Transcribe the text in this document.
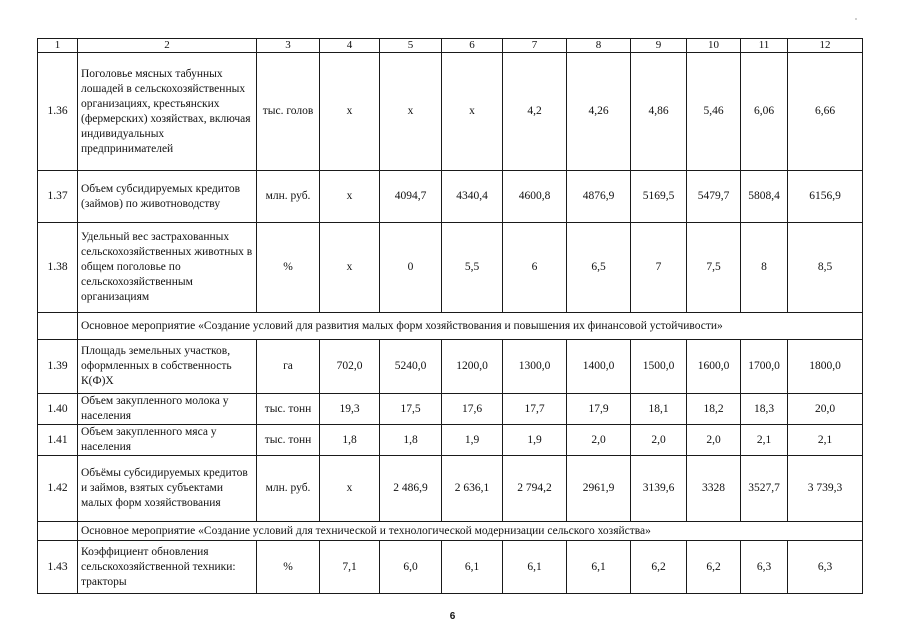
1	2	3	4	5	6	7	8	9	10	11	12
1.36	Поголовье мясных табунных лошадей в сельскохозяйственных организациях, крестьянских (фермерских) хозяйствах, включая индивидуальных предпринимателей	тыс. голов	x	x	x	4,2	4,26	4,86	5,46	6,06	6,66
1.37	Объем субсидируемых кредитов (займов) по животноводству	млн. руб.	x	4094,7	4340,4	4600,8	4876,9	5169,5	5479,7	5808,4	6156,9
1.38	Удельный вес застрахованных сельскохозяйственных животных в общем поголовье по сельскохозяйственным организациям	%	x	0	5,5	6	6,5	7	7,5	8	8,5
	Основное мероприятие «Создание условий для развития малых форм хозяйствования и повышения их финансовой устойчивости»										
1.39	Площадь земельных участков, оформленных в собственность К(Ф)Х	га	702,0	5240,0	1200,0	1300,0	1400,0	1500,0	1600,0	1700,0	1800,0
1.40	Объем закупленного молока у населения	тыс. тонн	19,3	17,5	17,6	17,7	17,9	18,1	18,2	18,3	20,0
1.41	Объем закупленного мяса у населения	тыс. тонн	1,8	1,8	1,9	1,9	2,0	2,0	2,0	2,1	2,1
1.42	Объёмы субсидируемых кредитов и займов, взятых субъектами малых форм хозяйствования	млн. руб.	x	2 486,9	2 636,1	2 794,2	2961,9	3139,6	3328	3527,7	3 739,3
	Основное мероприятие «Создание условий для технической и технологической модернизации сельского хозяйства»										
1.43	Коэффициент обновления сельскохозяйственной техники: тракторы	%	7,1	6,0	6,1	6,1	6,1	6,2	6,2	6,3	6,3
6
